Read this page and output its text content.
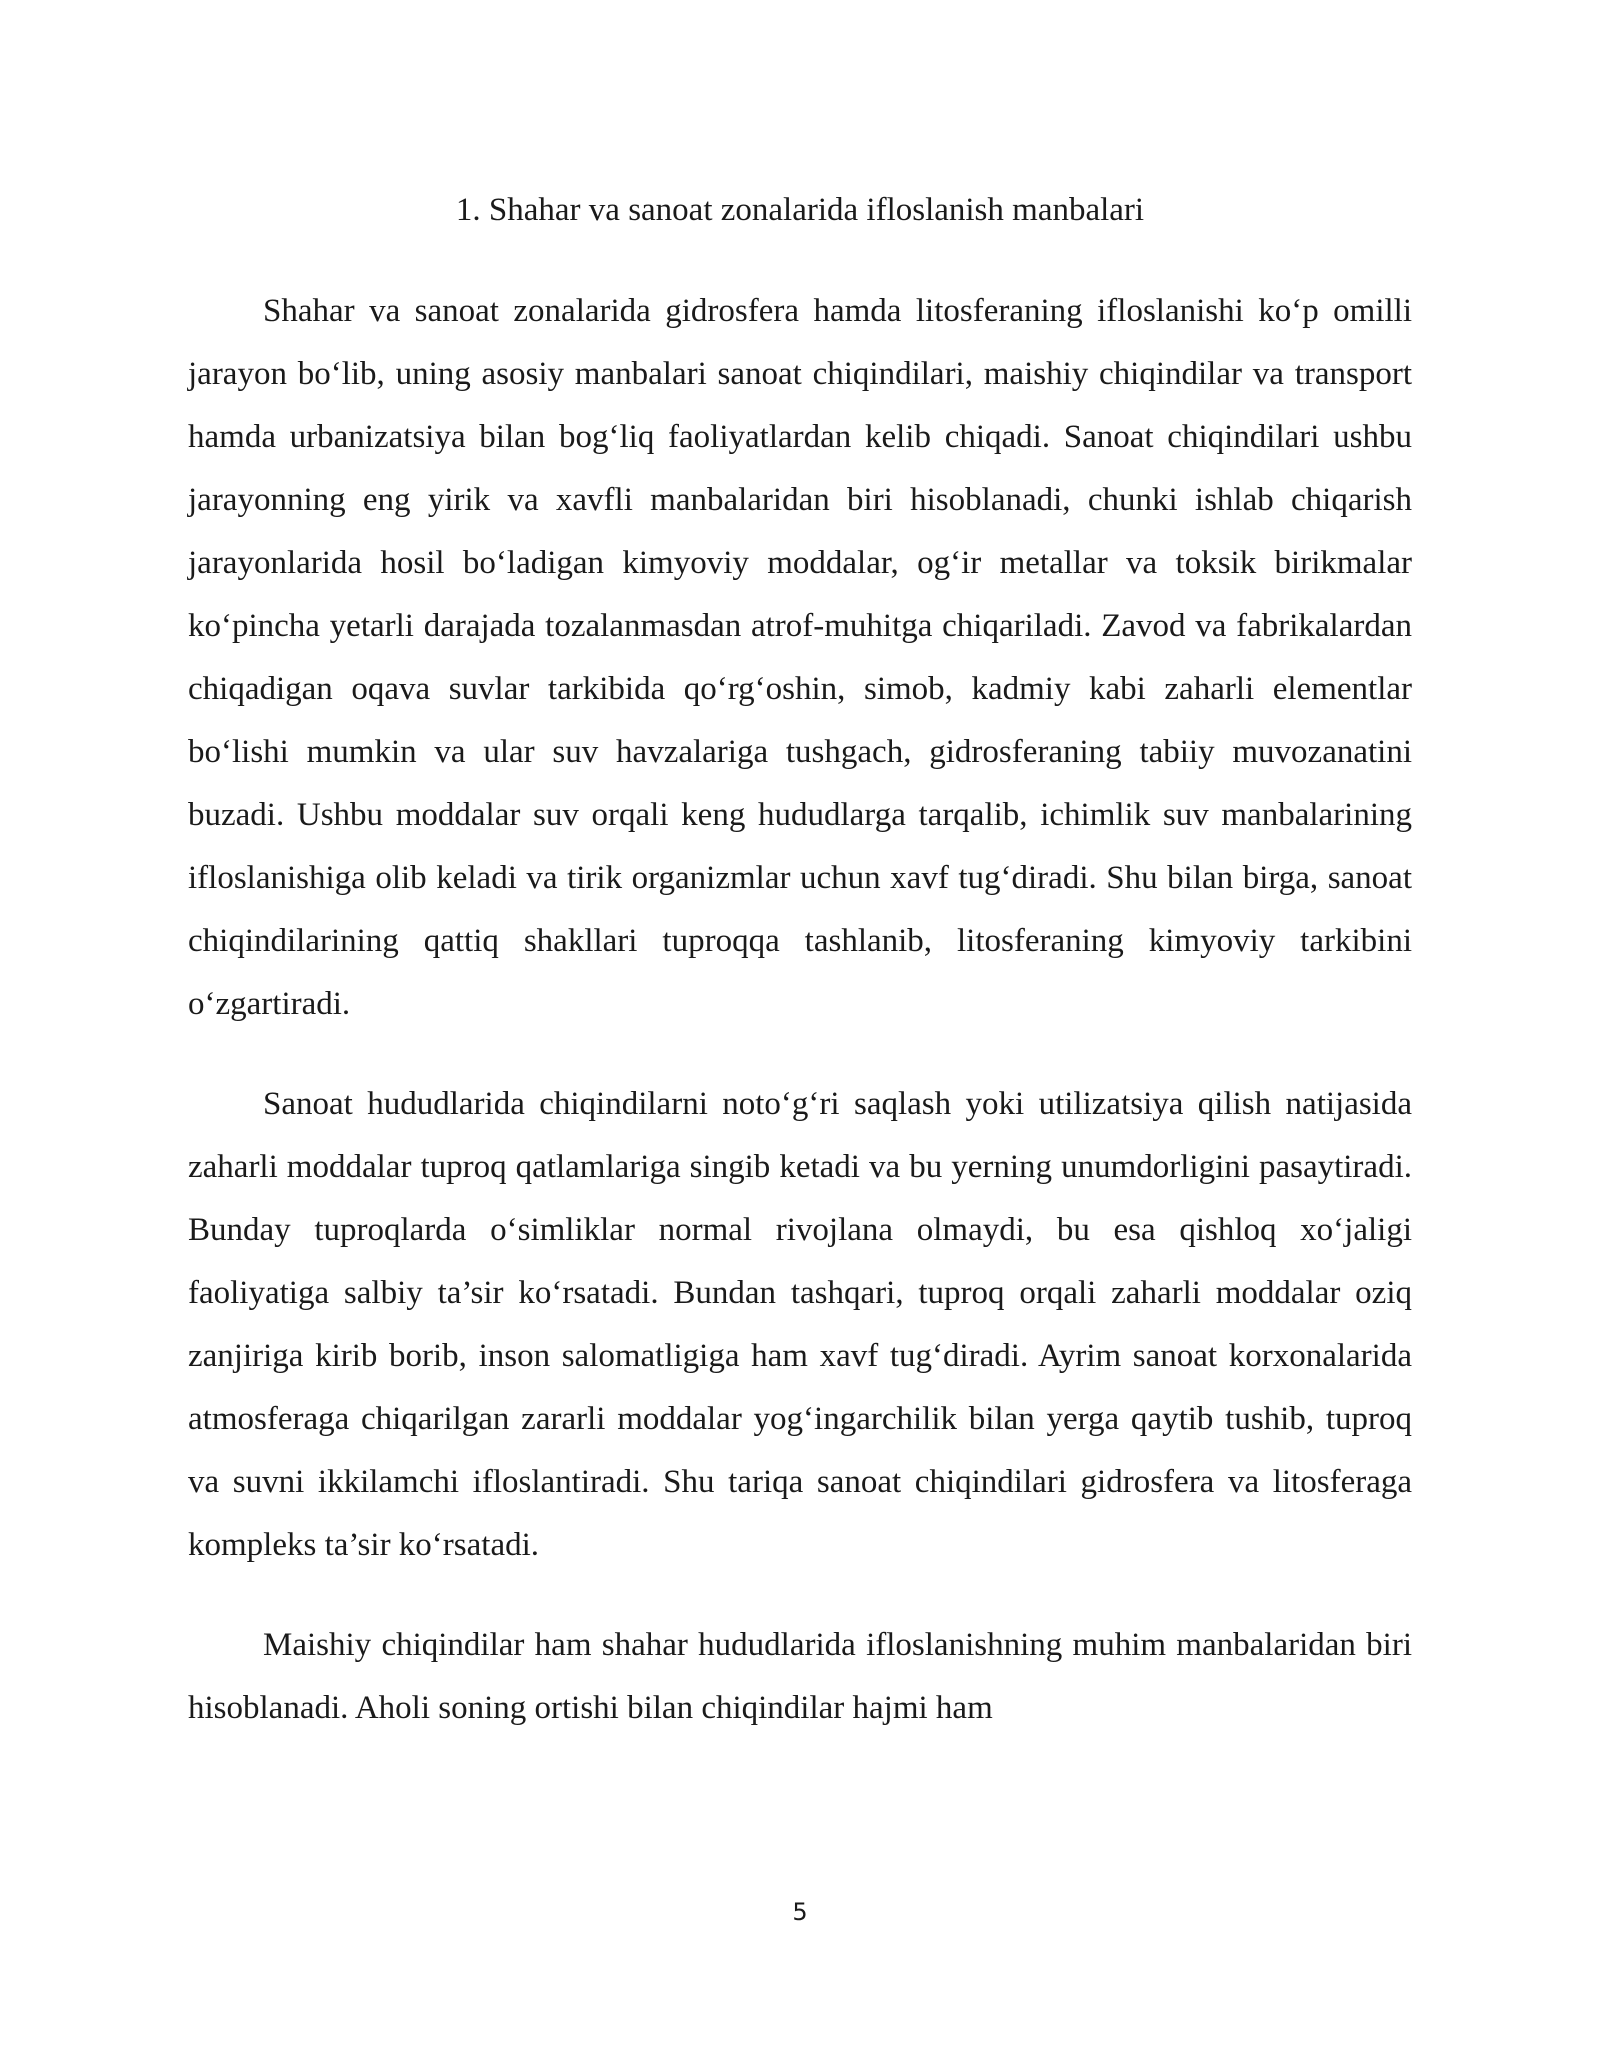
1. Shahar va sanoat zonalarida ifloslanish manbalari

Shahar va sanoat zonalarida gidrosfera hamda litosferaning ifloslanishi ko‘p omilli jarayon bo‘lib, uning asosiy manbalari sanoat chiqindilari, maishiy chiqindilar va transport hamda urbanizatsiya bilan bog‘liq faoliyatlardan kelib chiqadi. Sanoat chiqindilari ushbu jarayonning eng yirik va xavfli manbalaridan biri hisoblanadi, chunki ishlab chiqarish jarayonlarida hosil bo‘ladigan kimyoviy moddalar, og‘ir metallar va toksik birikmalar ko‘pincha yetarli darajada tozalanmasdan atrof-muhitga chiqariladi. Zavod va fabrikalardan chiqadigan oqava suvlar tarkibida qo‘rg‘oshin, simob, kadmiy kabi zaharli elementlar bo‘lishi mumkin va ular suv havzalariga tushgach, gidrosferaning tabiiy muvozanatini buzadi. Ushbu moddalar suv orqali keng hududlarga tarqalib, ichimlik suv manbalarining ifloslanishiga olib keladi va tirik organizmlar uchun xavf tug‘diradi. Shu bilan birga, sanoat chiqindilarining qattiq shakllari tuproqqa tashlanib, litosferaning kimyoviy tarkibini o‘zgartiradi.

Sanoat hududlarida chiqindilarni noto‘g‘ri saqlash yoki utilizatsiya qilish natijasida zaharli moddalar tuproq qatlamlariga singib ketadi va bu yerning unumdorligini pasaytiradi. Bunday tuproqlarda o‘simliklar normal rivojlana olmaydi, bu esa qishloq xo‘jaligi faoliyatiga salbiy ta’sir ko‘rsatadi. Bundan tashqari, tuproq orqali zaharli moddalar oziq zanjiriga kirib borib, inson salomatligiga ham xavf tug‘diradi. Ayrim sanoat korxonalarida atmosferaga chiqarilgan zararli moddalar yog‘ingarchilik bilan yerga qaytib tushib, tuproq va suvni ikkilamchi ifloslantiradi. Shu tariqa sanoat chiqindilari gidrosfera va litosferaga kompleks ta’sir ko‘rsatadi.

Maishiy chiqindilar ham shahar hududlarida ifloslanishning muhim manbalaridan biri hisoblanadi. Aholi soning ortishi bilan chiqindilar hajmi ham

5
